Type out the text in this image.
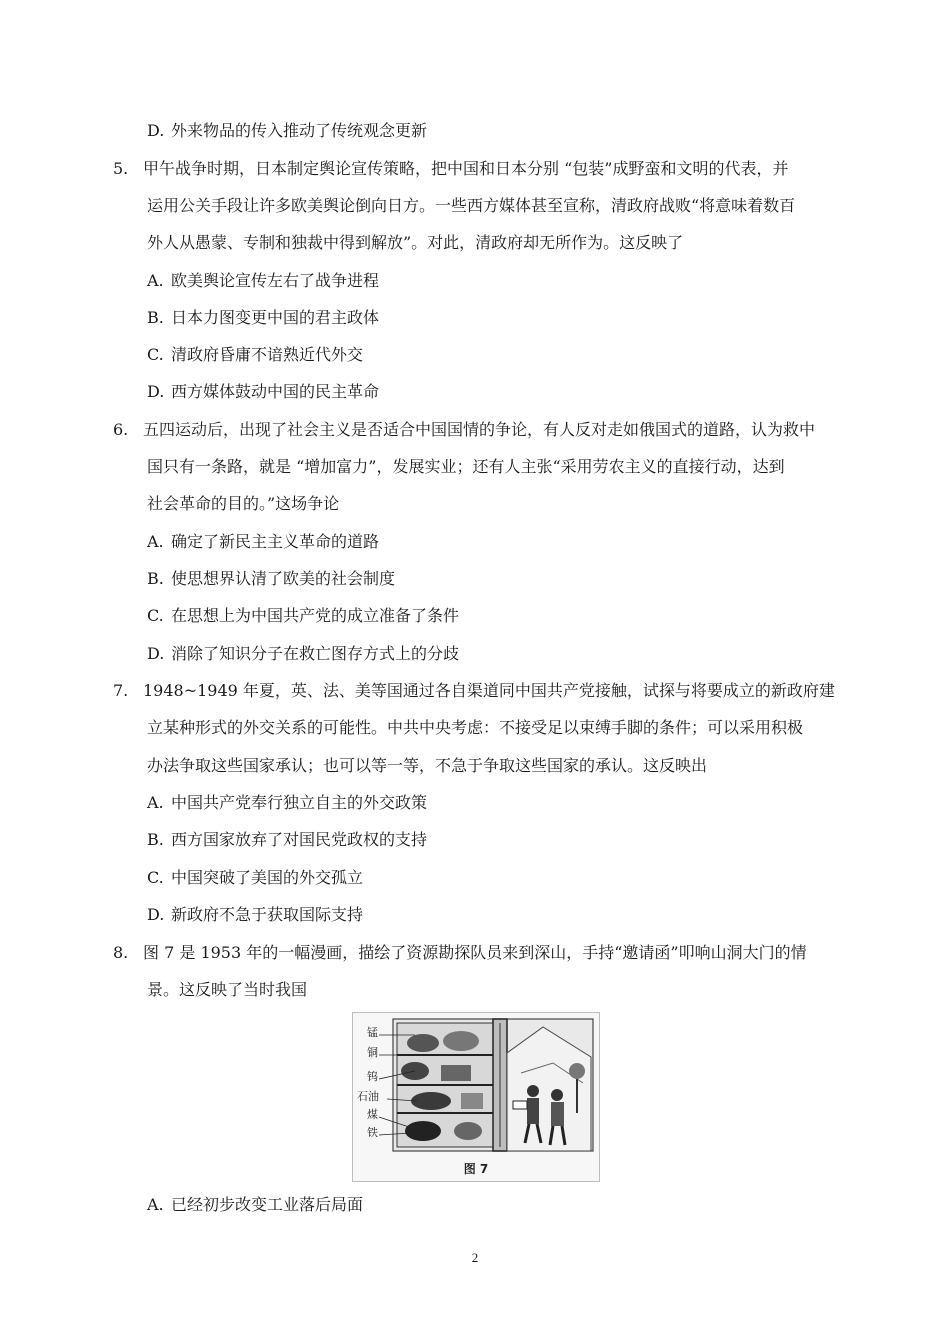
D. 外来物品的传入推动了传统观念更新
5. 甲午战争时期，日本制定舆论宣传策略，把中国和日本分别 “包装”成野蛮和文明的代表，并
运用公关手段让许多欧美舆论倒向日方。一些西方媒体甚至宣称，清政府战败“将意味着数百
外人从愚蒙、专制和独裁中得到解放”。对此，清政府却无所作为。这反映了
A. 欧美舆论宣传左右了战争进程
B. 日本力图变更中国的君主政体
C. 清政府昏庸不谙熟近代外交
D. 西方媒体鼓动中国的民主革命
6. 五四运动后，出现了社会主义是否适合中国国情的争论，有人反对走如俄国式的道路，认为救中
国只有一条路，就是 “增加富力”，发展实业；还有人主张“采用劳农主义的直接行动，达到
社会革命的目的。”这场争论
A. 确定了新民主主义革命的道路
B. 使思想界认清了欧美的社会制度
C. 在思想上为中国共产党的成立准备了条件
D. 消除了知识分子在救亡图存方式上的分歧
7. 1948~1949 年夏，英、法、美等国通过各自渠道同中国共产党接触，试探与将要成立的新政府建
立某种形式的外交关系的可能性。中共中央考虑：不接受足以束缚手脚的条件；可以采用积极
办法争取这些国家承认；也可以等一等，不急于争取这些国家的承认。这反映出
A. 中国共产党奉行独立自主的外交政策
B. 西方国家放弃了对国民党政权的支持
C. 中国突破了美国的外交孤立
D. 新政府不急于获取国际支持
8. 图 7 是 1953 年的一幅漫画，描绘了资源勘探队员来到深山，手持“邀请函”叩响山洞大门的情
景。这反映了当时我国
锰
铜
钨
石油
煤
铁
图 7
A. 已经初步改变工业落后局面
2
